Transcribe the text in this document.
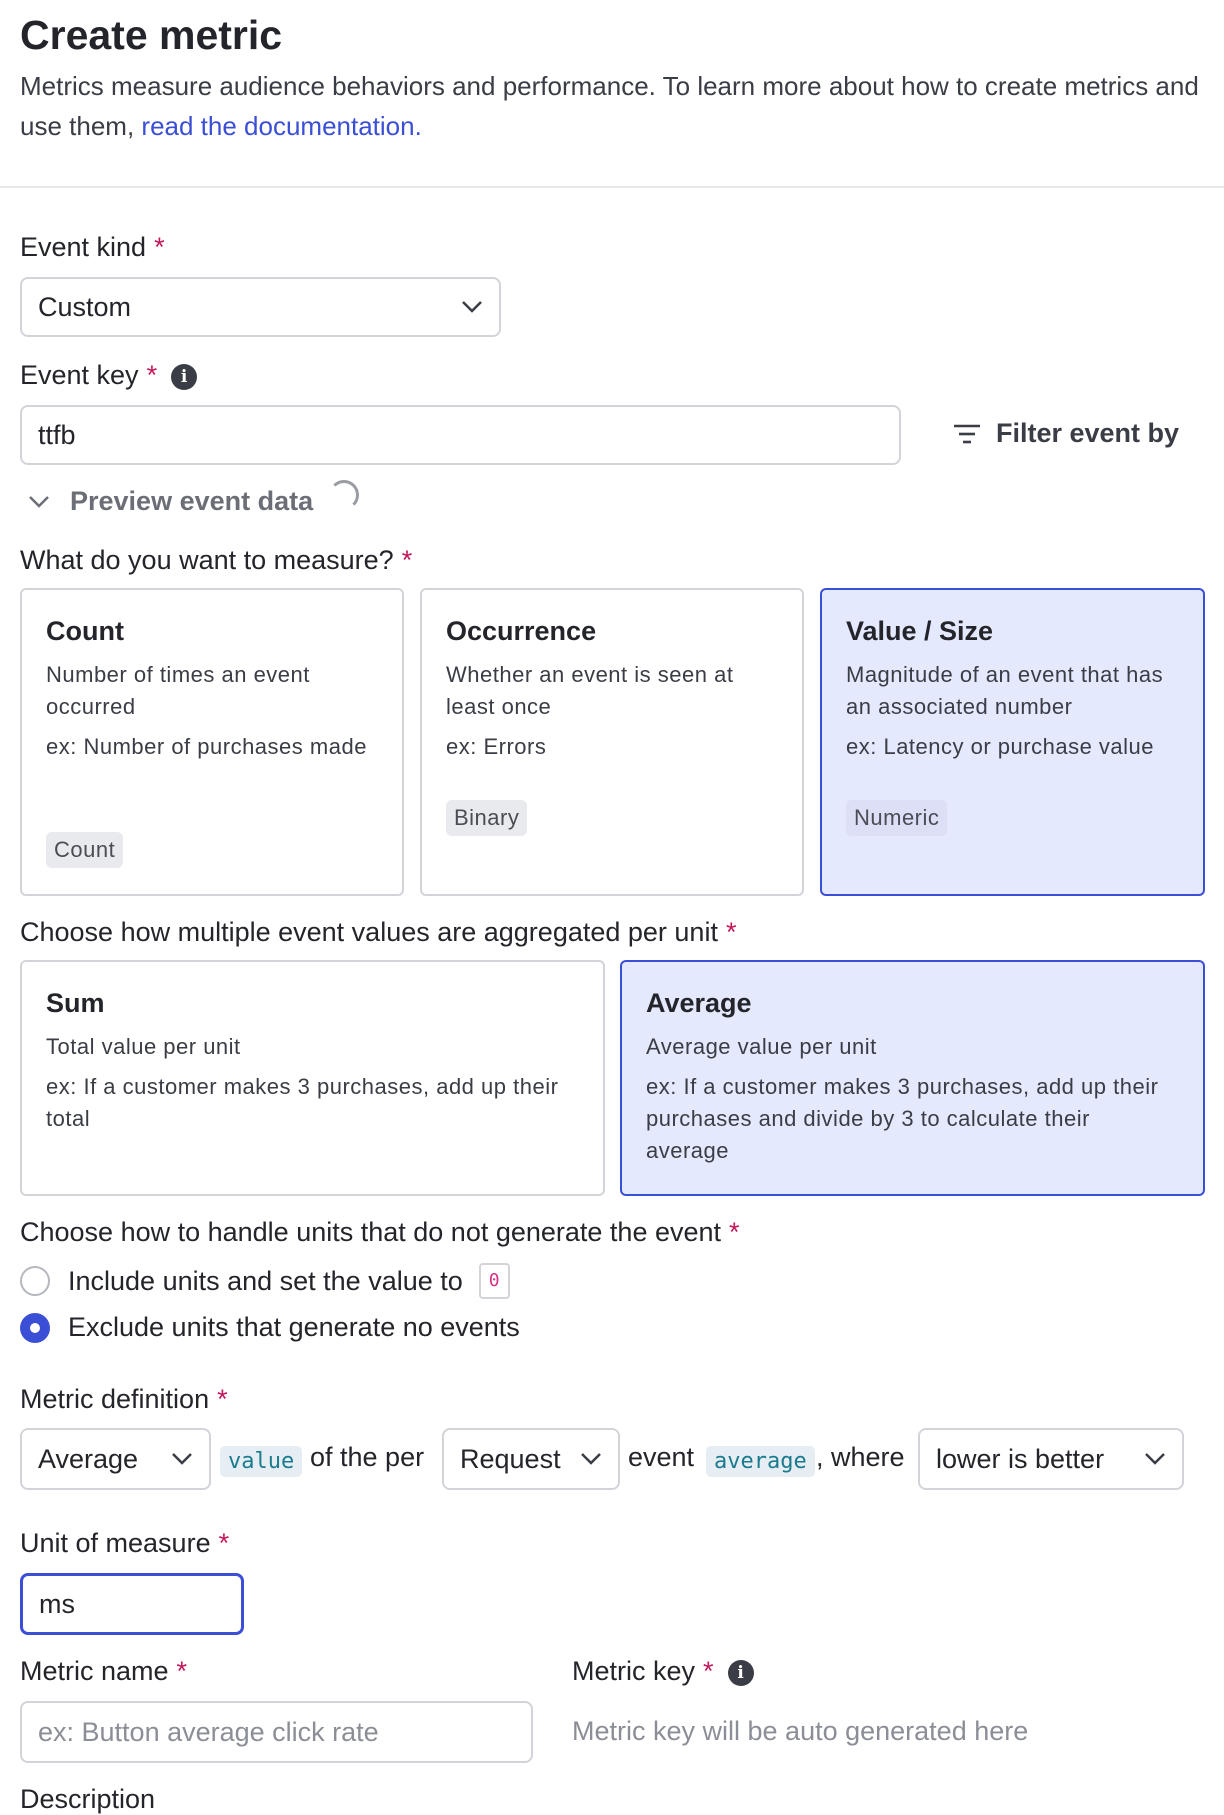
Create metric

Metrics measure audience behaviors and performance. To learn more about how to create metrics and use them, read the documentation.

Event kind *
Custom
Event key * i
ttfb	Filter event by
Preview event data
What do you want to measure? *
Count
Number of times an event occurred
ex: Number of purchases made
Count
Occurrence
Whether an event is seen at least once
ex: Errors
Binary
Value / Size
Magnitude of an event that has an associated number
ex: Latency or purchase value
Numeric
Choose how multiple event values are aggregated per unit *
Sum
Total value per unit
ex: If a customer makes 3 purchases, add up their total
Average
Average value per unit
ex: If a customer makes 3 purchases, add up their purchases and divide by 3 to calculate their average
Choose how to handle units that do not generate the event *
Include units and set the value to	0
Exclude units that generate no events
Metric definition *
Average	value of the per Request event average , where lower is better
Unit of measure *
ms
Metric name *
ex: Button average click rate
Metric key * i
Metric key will be auto generated here
Description
